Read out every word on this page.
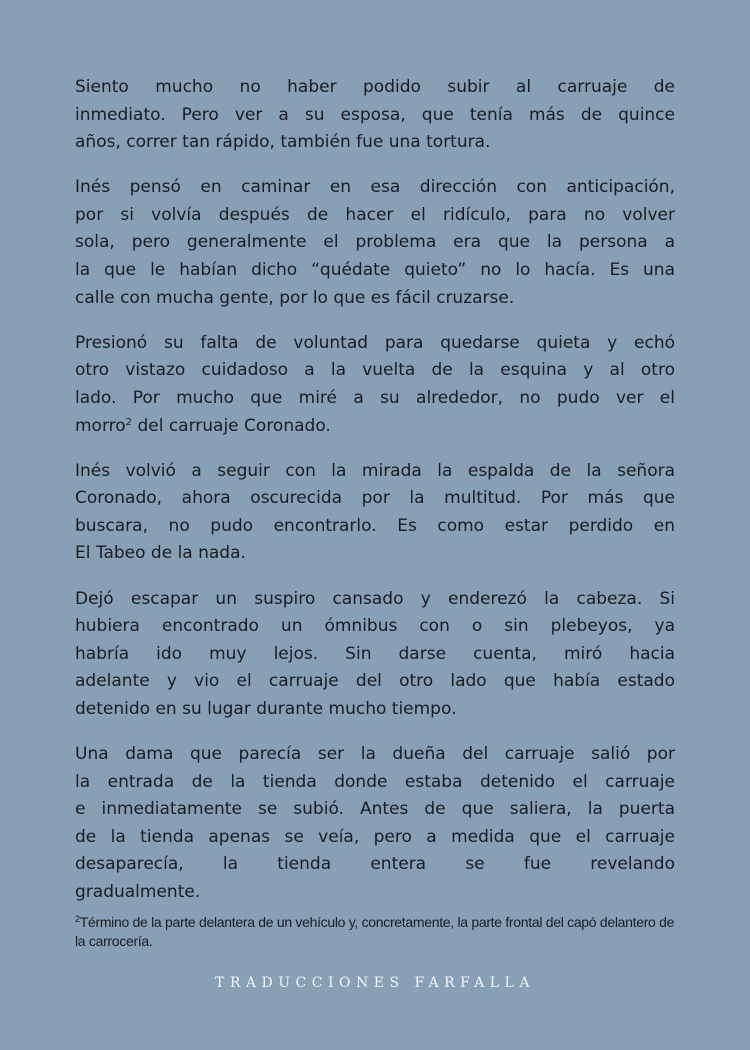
Siento mucho no haber podido subir al carruaje de
inmediato. Pero ver a su esposa, que tenía más de quince
años, correr tan rápido, también fue una tortura.
Inés pensó en caminar en esa dirección con anticipación,
por si volvía después de hacer el ridículo, para no volver
sola, pero generalmente el problema era que la persona a
la que le habían dicho “quédate quieto” no lo hacía. Es una
calle con mucha gente, por lo que es fácil cruzarse.
Presionó su falta de voluntad para quedarse quieta y echó
otro vistazo cuidadoso a la vuelta de la esquina y al otro
lado. Por mucho que miré a su alrededor, no pudo ver el
morro$^2$ del carruaje Coronado.
Inés volvió a seguir con la mirada la espalda de la señora
Coronado, ahora oscurecida por la multitud. Por más que
buscara, no pudo encontrarlo. Es como estar perdido en
El Tabeo de la nada.
Dejó escapar un suspiro cansado y enderezó la cabeza. Si
hubiera encontrado un ómnibus con o sin plebeyos, ya
habría ido muy lejos. Sin darse cuenta, miró hacia
adelante y vio el carruaje del otro lado que había estado
detenido en su lugar durante mucho tiempo.
Una dama que parecía ser la dueña del carruaje salió por
la entrada de la tienda donde estaba detenido el carruaje
e inmediatamente se subió. Antes de que saliera, la puerta
de la tienda apenas se veía, pero a medida que el carruaje
desaparecía, la tienda entera se fue revelando
gradualmente.
$^2$Término de la parte delantera de un vehículo y, concretamente, la parte frontal del capó delantero de la carrocería.
TRADUCCIONES FARFALLA
